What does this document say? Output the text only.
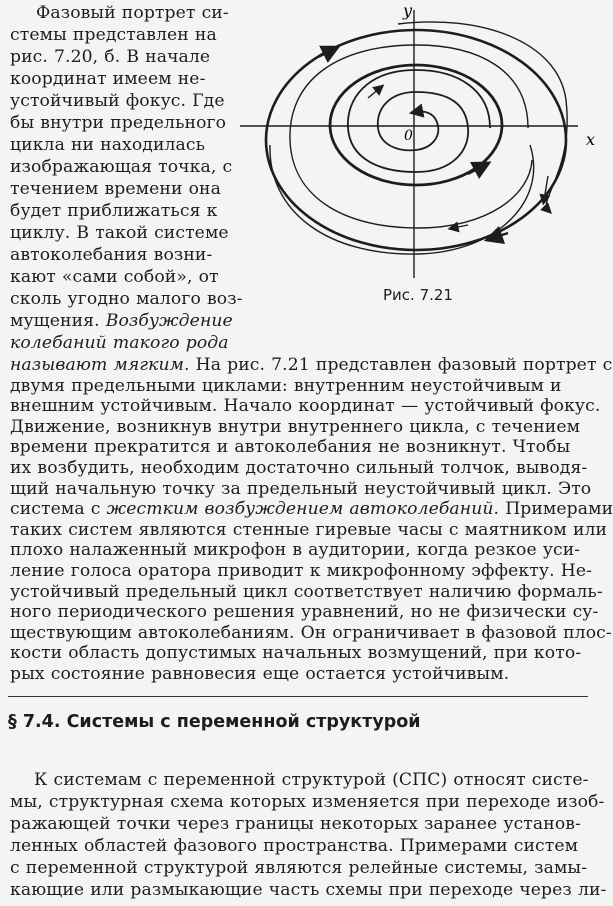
x
y
0
Рис. 7.21
Фазовый портрет си-
стемы представлен на
рис. 7.20, б. В начале
координат имеем не-
устойчивый фокус. Где
бы внутри предельного
цикла ни находилась
изображающая точка, с
течением времени она
будет приближаться к
циклу. В такой системе
автоколебания возни-
кают «сами собой», от
сколь угодно малого воз-
мущения. Возбуждение
колебаний такого рода
называют мягким. На рис. 7.21 представлен фазовый портрет с
двумя предельными циклами: внутренним неустойчивым и
внешним устойчивым. Начало координат — устойчивый фокус.
Движение, возникнув внутри внутреннего цикла, с течением
времени прекратится и автоколебания не возникнут. Чтобы
их возбудить, необходим достаточно сильный толчок, выводя-
щий начальную точку за предельный неустойчивый цикл. Это
система с жестким возбуждением автоколебаний. Примерами
таких систем являются стенные гиревые часы с маятником или
плохо налаженный микрофон в аудитории, когда резкое уси-
ление голоса оратора приводит к микрофонному эффекту. Не-
устойчивый предельный цикл соответствует наличию формаль-
ного периодического решения уравнений, но не физически су-
ществующим автоколебаниям. Он ограничивает в фазовой плос-
кости область допустимых начальных возмущений, при кото-
§ 7.4. Системы с переменной структурой
К системам с переменной структурой (СПС) относят систе-
мы, структурная схема которых изменяется при переходе изоб-
ражающей точки через границы некоторых заранее установ-
ленных областей фазового пространства. Примерами систем
с переменной структурой являются релейные системы, замы-
кающие или размыкающие часть схемы при переходе через ли-
рых состояние равновесия еще остается устойчивым.
